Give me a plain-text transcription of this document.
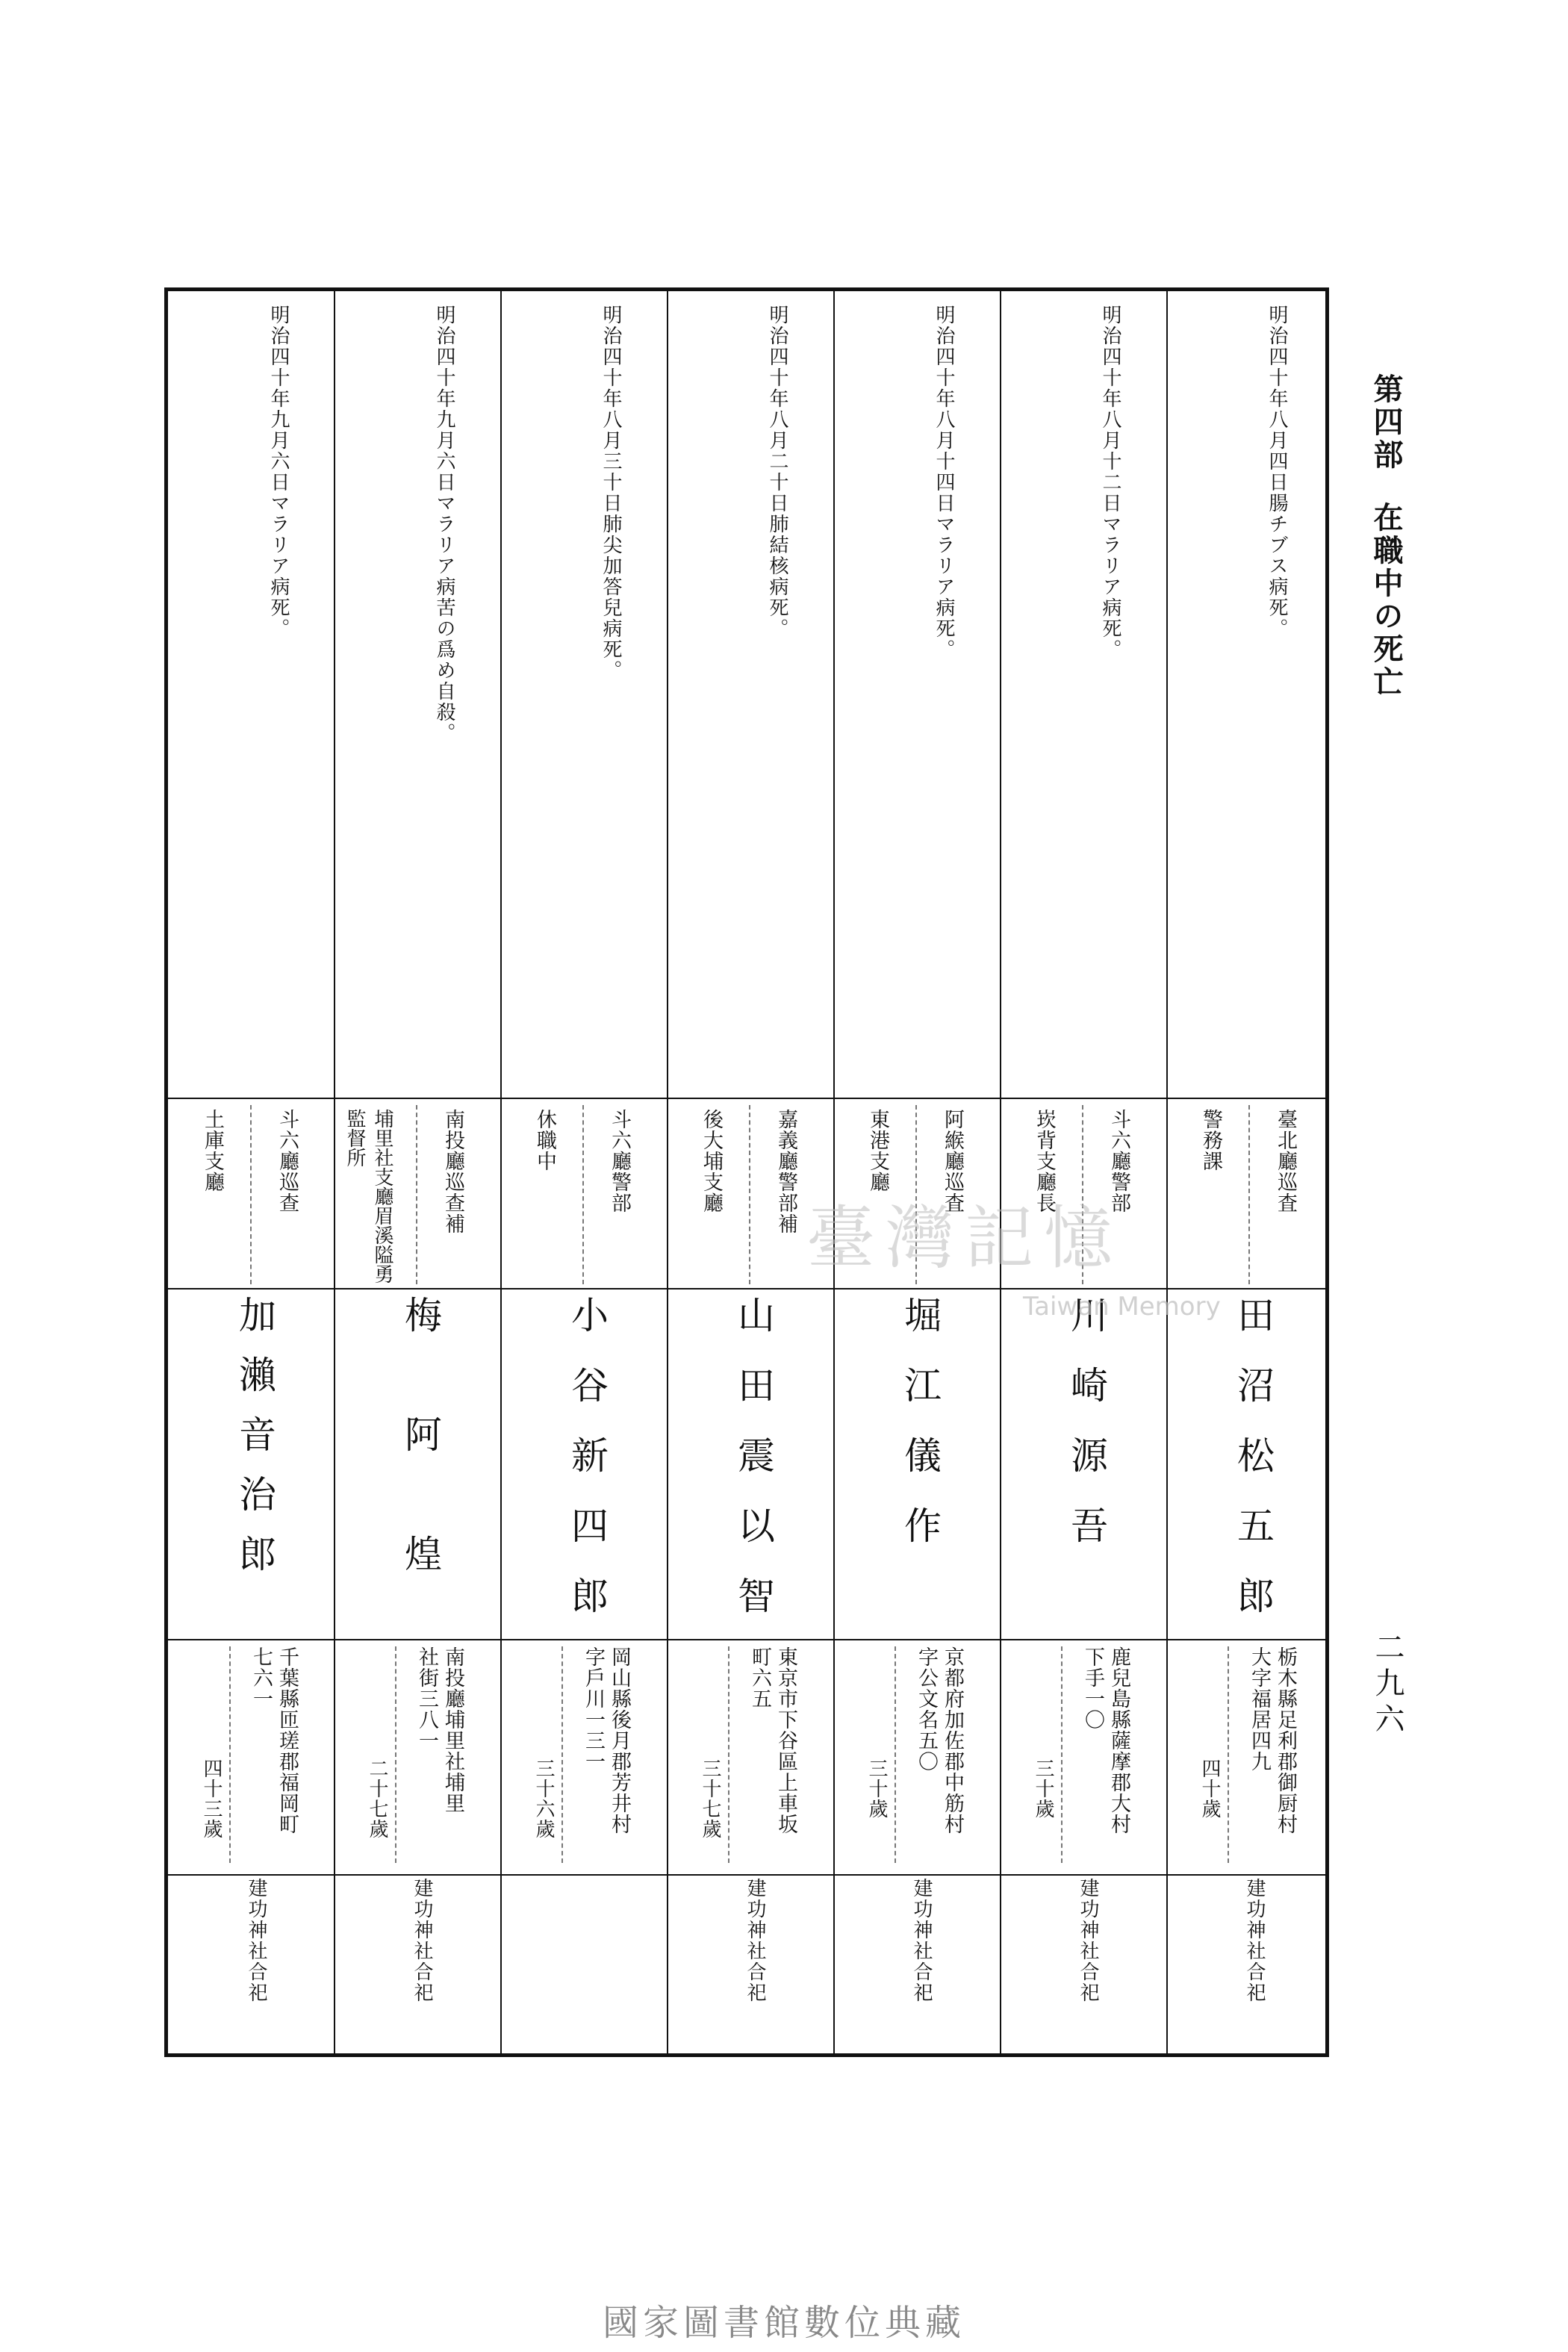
第四部在職中の死亡
二九六
明治四十年八月四日腸チブス病死。
臺北廳巡査
警務課
田沼松五郎
栃木縣足利郡御厨村
大字福居四九
四十歲
建功神社合祀
明治四十年八月十二日マラリア病死。
斗六廳警部
崁背支廳長
川崎源吾
鹿兒島縣薩摩郡大村
下手一〇
三十歲
建功神社合祀
明治四十年八月十四日マラリア病死。
阿緱廳巡査
東港支廳
堀江儀作
京都府加佐郡中筋村
字公文名五〇
三十歲
建功神社合祀
明治四十年八月二十日肺結核病死。
嘉義廳警部補
後大埔支廳
山田震以智
東京市下谷區上車坂
町六五
三十七歲
建功神社合祀
明治四十年八月三十日肺尖加答兒病死。
斗六廳警部
休職中
小谷新四郎
岡山縣後月郡芳井村
字戶川一三一
三十六歲
明治四十年九月六日マラリア病苦の爲め自殺。
南投廳巡查補
埔里社支廳眉溪隘勇監督所
梅阿煌
南投廳埔里社埔里
社街三八一
二十七歲
建功神社合祀
明治四十年九月六日マラリア病死。
斗六廳巡查
土庫支廳
加瀨音治郎
千葉縣匝瑳郡福岡町
七六一
四十三歲
建功神社合祀
臺灣記憶
Taiwan Memory
國家圖書館數位典藏
